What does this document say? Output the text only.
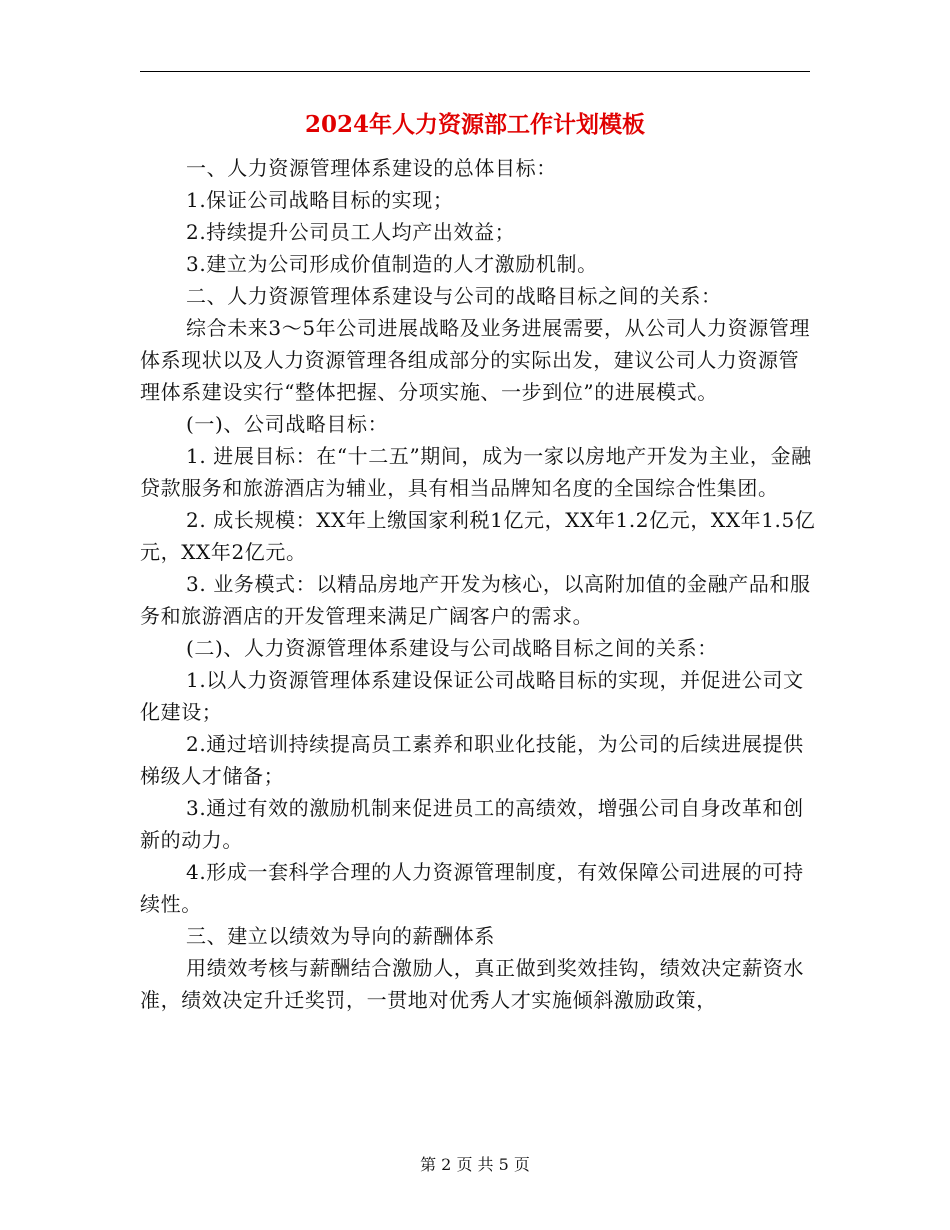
2024年人力资源部工作计划模板

一、人力资源管理体系建设的总体目标：

1.保证公司战略目标的实现；

2.持续提升公司员工人均产出效益；

3.建立为公司形成价值制造的人才激励机制。

二、人力资源管理体系建设与公司的战略目标之间的关系：

综合未来3～5年公司进展战略及业务进展需要，从公司人力资源管理体系现状以及人力资源管理各组成部分的实际出发，建议公司人力资源管理体系建设实行“整体把握、分项实施、一步到位”的进展模式。

(一)、公司战略目标：

1. 进展目标：在“十二五”期间，成为一家以房地产开发为主业，金融贷款服务和旅游酒店为辅业，具有相当品牌知名度的全国综合性集团。

2. 成长规模：XX年上缴国家利税1亿元，XX年1.2亿元，XX年1.5亿元，XX年2亿元。

3. 业务模式：以精品房地产开发为核心，以高附加值的金融产品和服务和旅游酒店的开发管理来满足广阔客户的需求。

(二)、人力资源管理体系建设与公司战略目标之间的关系：

1.以人力资源管理体系建设保证公司战略目标的实现，并促进公司文化建设；

2.通过培训持续提高员工素养和职业化技能，为公司的后续进展提供梯级人才储备；

3.通过有效的激励机制来促进员工的高绩效，增强公司自身改革和创新的动力。

4.形成一套科学合理的人力资源管理制度，有效保障公司进展的可持续性。

三、建立以绩效为导向的薪酬体系

用绩效考核与薪酬结合激励人，真正做到奖效挂钩，绩效决定薪资水准，绩效决定升迁奖罚，一贯地对优秀人才实施倾斜激励政策，

第 2 页 共 5 页
